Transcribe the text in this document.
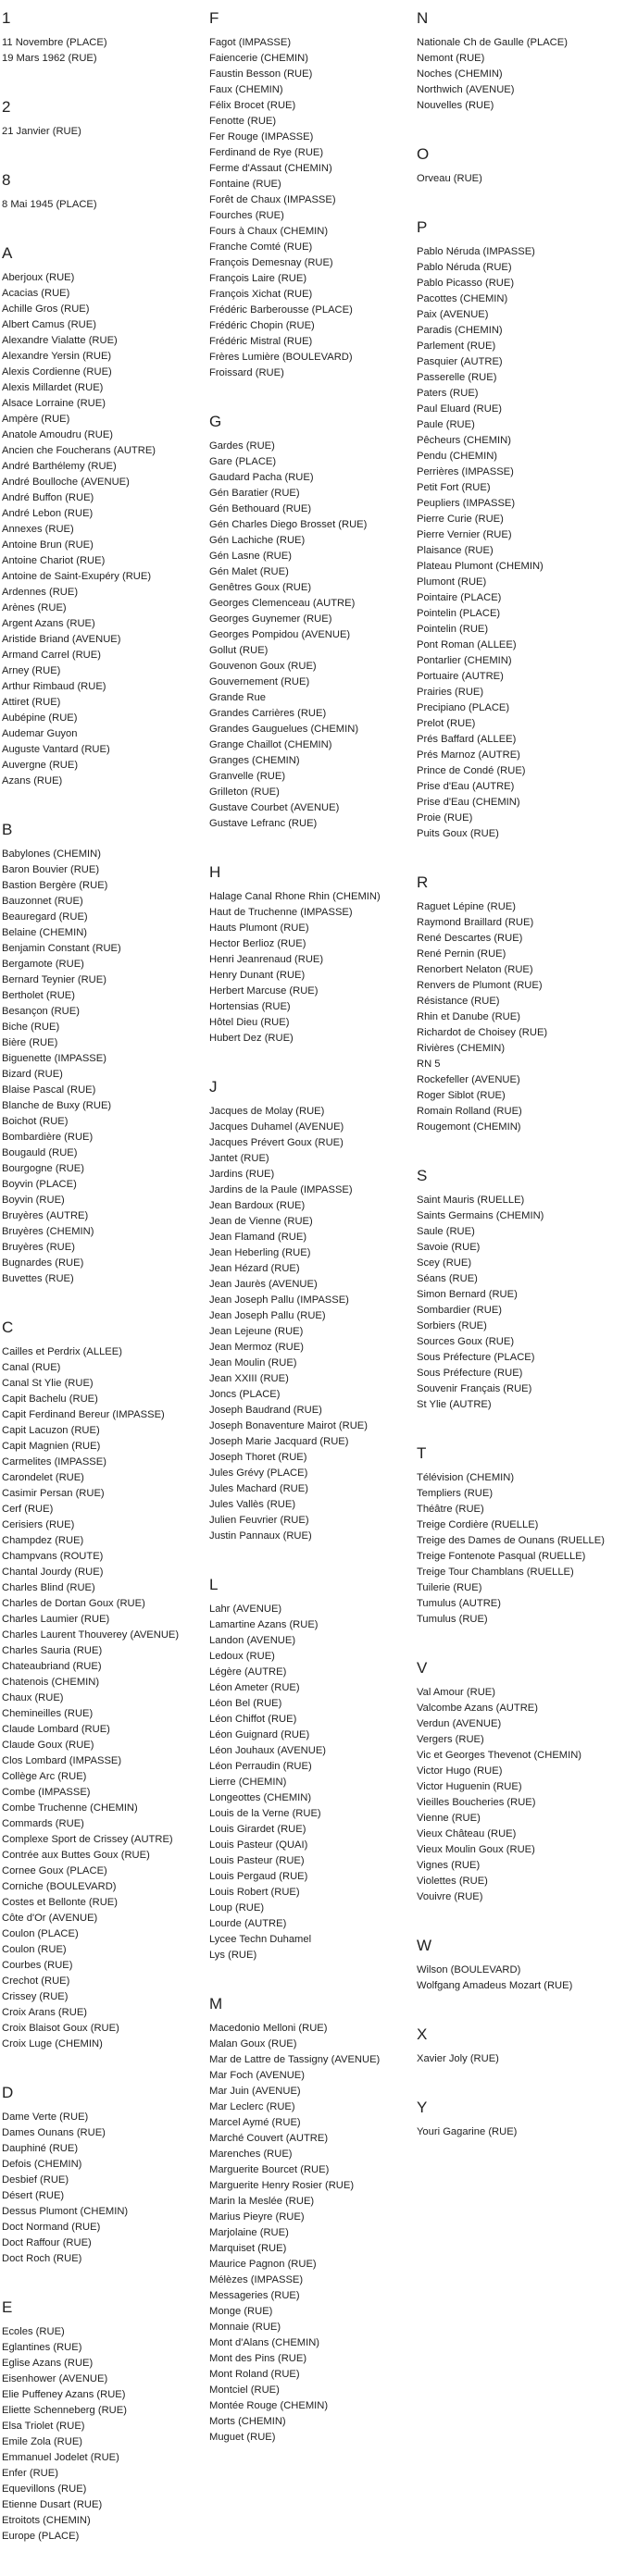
1
11 Novembre (PLACE)
19 Mars 1962 (RUE)
2
21 Janvier (RUE)
8
8 Mai 1945 (PLACE)
A
Aberjoux (RUE)
Acacias (RUE)
Achille Gros (RUE)
Albert Camus (RUE)
Alexandre Vialatte (RUE)
Alexandre Yersin (RUE)
Alexis Cordienne (RUE)
Alexis Millardet (RUE)
Alsace Lorraine (RUE)
Ampère (RUE)
Anatole Amoudru (RUE)
Ancien che Foucherans (AUTRE)
André Barthélemy (RUE)
André Boulloche (AVENUE)
André Buffon (RUE)
André Lebon (RUE)
Annexes (RUE)
Antoine Brun (RUE)
Antoine Chariot (RUE)
Antoine de Saint-Exupéry (RUE)
Ardennes (RUE)
Arènes (RUE)
Argent Azans (RUE)
Aristide Briand (AVENUE)
Armand Carrel (RUE)
Arney (RUE)
Arthur Rimbaud (RUE)
Attiret (RUE)
Aubépine (RUE)
Audemar Guyon
Auguste Vantard (RUE)
Auvergne (RUE)
Azans (RUE)
B
Babylones (CHEMIN)
Baron Bouvier (RUE)
Bastion Bergère (RUE)
Bauzonnet (RUE)
Beauregard (RUE)
Belaine (CHEMIN)
Benjamin Constant (RUE)
Bergamote (RUE)
Bernard Teynier (RUE)
Bertholet (RUE)
Besançon (RUE)
Biche (RUE)
Bière (RUE)
Biguenette (IMPASSE)
Bizard (RUE)
Blaise Pascal (RUE)
Blanche de Buxy (RUE)
Boichot (RUE)
Bombardière (RUE)
Bougauld (RUE)
Bourgogne (RUE)
Boyvin (PLACE)
Boyvin (RUE)
Bruyères (AUTRE)
Bruyères (CHEMIN)
Bruyères (RUE)
Bugnardes (RUE)
Buvettes (RUE)
C
Cailles et Perdrix (ALLEE)
Canal (RUE)
Canal St Ylie (RUE)
Capit Bachelu (RUE)
Capit Ferdinand Bereur (IMPASSE)
Capit Lacuzon (RUE)
Capit Magnien (RUE)
Carmelites (IMPASSE)
Carondelet (RUE)
Casimir Persan (RUE)
Cerf (RUE)
Cerisiers (RUE)
Champdez (RUE)
Champvans (ROUTE)
Chantal Jourdy (RUE)
Charles Blind (RUE)
Charles de Dortan Goux (RUE)
Charles Laumier (RUE)
Charles Laurent Thouverey (AVENUE)
Charles Sauria (RUE)
Chateaubriand (RUE)
Chatenois (CHEMIN)
Chaux (RUE)
Chemineilles (RUE)
Claude Lombard (RUE)
Claude Goux (RUE)
Clos Lombard (IMPASSE)
Collège Arc (RUE)
Combe (IMPASSE)
Combe Truchenne (CHEMIN)
Commards (RUE)
Complexe Sport de Crissey (AUTRE)
Contrée aux Buttes Goux (RUE)
Cornee Goux (PLACE)
Corniche (BOULEVARD)
Costes et Bellonte (RUE)
Côte d'Or (AVENUE)
Coulon (PLACE)
Coulon (RUE)
Courbes (RUE)
Crechot (RUE)
Crissey (RUE)
Croix Arans (RUE)
Croix Blaisot Goux (RUE)
Croix Luge (CHEMIN)
D
Dame Verte (RUE)
Dames Ounans (RUE)
Dauphiné (RUE)
Defois (CHEMIN)
Desbief (RUE)
Désert (RUE)
Dessus Plumont (CHEMIN)
Doct Normand (RUE)
Doct Raffour (RUE)
Doct Roch (RUE)
E
Ecoles (RUE)
Eglantines (RUE)
Eglise Azans (RUE)
Eisenhower (AVENUE)
Elie Puffeney Azans (RUE)
Eliette Schenneberg (RUE)
Elsa Triolet (RUE)
Emile Zola (RUE)
Emmanuel Jodelet (RUE)
Enfer (RUE)
Equevillons (RUE)
Etienne Dusart (RUE)
Etroitots (CHEMIN)
Europe (PLACE)
F
Fagot (IMPASSE)
Faiencerie (CHEMIN)
Faustin Besson (RUE)
Faux (CHEMIN)
Félix Brocet (RUE)
Fenotte (RUE)
Fer Rouge (IMPASSE)
Ferdinand de Rye (RUE)
Ferme d'Assaut (CHEMIN)
Fontaine (RUE)
Forêt de Chaux (IMPASSE)
Fourches (RUE)
Fours à Chaux (CHEMIN)
Franche Comté (RUE)
François Demesnay (RUE)
François Laire (RUE)
François Xichat (RUE)
Frédéric Barberousse (PLACE)
Frédéric Chopin (RUE)
Frédéric Mistral (RUE)
Frères Lumière (BOULEVARD)
Froissard (RUE)
G
Gardes (RUE)
Gare (PLACE)
Gaudard Pacha (RUE)
Gén Baratier (RUE)
Gén Bethouard (RUE)
Gén Charles Diego Brosset (RUE)
Gén Lachiche (RUE)
Gén Lasne (RUE)
Gén Malet (RUE)
Genêtres Goux (RUE)
Georges Clemenceau (AUTRE)
Georges Guynemer (RUE)
Georges Pompidou (AVENUE)
Gollut (RUE)
Gouvenon Goux (RUE)
Gouvernement (RUE)
Grande Rue
Grandes Carrières (RUE)
Grandes Gauguelues (CHEMIN)
Grange Chaillot (CHEMIN)
Granges (CHEMIN)
Granvelle (RUE)
Grilleton (RUE)
Gustave Courbet (AVENUE)
Gustave Lefranc (RUE)
H
Halage Canal Rhone Rhin (CHEMIN)
Haut de Truchenne (IMPASSE)
Hauts Plumont (RUE)
Hector Berlioz (RUE)
Henri Jeanrenaud (RUE)
Henry Dunant (RUE)
Herbert Marcuse (RUE)
Hortensias (RUE)
Hôtel Dieu (RUE)
Hubert Dez (RUE)
J
Jacques de Molay (RUE)
Jacques Duhamel (AVENUE)
Jacques Prévert Goux (RUE)
Jantet (RUE)
Jardins (RUE)
Jardins de la Paule (IMPASSE)
Jean Bardoux (RUE)
Jean de Vienne (RUE)
Jean Flamand (RUE)
Jean Heberling (RUE)
Jean Hézard (RUE)
Jean Jaurès (AVENUE)
Jean Joseph Pallu (IMPASSE)
Jean Joseph Pallu (RUE)
Jean Lejeune (RUE)
Jean Mermoz (RUE)
Jean Moulin (RUE)
Jean XXIII (RUE)
Joncs (PLACE)
Joseph Baudrand (RUE)
Joseph Bonaventure Mairot (RUE)
Joseph Marie Jacquard (RUE)
Joseph Thoret (RUE)
Jules Grévy (PLACE)
Jules Machard (RUE)
Jules Vallès (RUE)
Julien Feuvrier (RUE)
Justin Pannaux (RUE)
L
Lahr (AVENUE)
Lamartine Azans (RUE)
Landon (AVENUE)
Ledoux (RUE)
Légère (AUTRE)
Léon Ameter (RUE)
Léon Bel (RUE)
Léon Chiffot (RUE)
Léon Guignard (RUE)
Léon Jouhaux (AVENUE)
Léon Perraudin (RUE)
Lierre (CHEMIN)
Longeottes (CHEMIN)
Louis de la Verne (RUE)
Louis Girardet (RUE)
Louis Pasteur (QUAI)
Louis Pasteur (RUE)
Louis Pergaud (RUE)
Louis Robert (RUE)
Loup (RUE)
Lourde (AUTRE)
Lycee Techn Duhamel
Lys (RUE)
M
Macedonio Melloni (RUE)
Malan Goux (RUE)
Mar de Lattre de Tassigny (AVENUE)
Mar Foch (AVENUE)
Mar Juin (AVENUE)
Mar Leclerc (RUE)
Marcel Aymé (RUE)
Marché Couvert (AUTRE)
Marenches (RUE)
Marguerite Bourcet (RUE)
Marguerite Henry Rosier (RUE)
Marin la Meslée (RUE)
Marius Pieyre (RUE)
Marjolaine (RUE)
Marquiset (RUE)
Maurice Pagnon (RUE)
Mélèzes (IMPASSE)
Messageries (RUE)
Monge (RUE)
Monnaie (RUE)
Mont d'Alans (CHEMIN)
Mont des Pins (RUE)
Mont Roland (RUE)
Montciel (RUE)
Montée Rouge (CHEMIN)
Morts (CHEMIN)
Muguet (RUE)
N
Nationale Ch de Gaulle (PLACE)
Nemont (RUE)
Noches (CHEMIN)
Northwich (AVENUE)
Nouvelles (RUE)
O
Orveau (RUE)
P
Pablo Néruda (IMPASSE)
Pablo Néruda (RUE)
Pablo Picasso (RUE)
Pacottes (CHEMIN)
Paix (AVENUE)
Paradis (CHEMIN)
Parlement (RUE)
Pasquier (AUTRE)
Passerelle (RUE)
Paters (RUE)
Paul Eluard (RUE)
Paule (RUE)
Pêcheurs (CHEMIN)
Pendu (CHEMIN)
Perrières (IMPASSE)
Petit Fort (RUE)
Peupliers (IMPASSE)
Pierre Curie (RUE)
Pierre Vernier (RUE)
Plaisance (RUE)
Plateau Plumont (CHEMIN)
Plumont (RUE)
Pointaire (PLACE)
Pointelin (PLACE)
Pointelin (RUE)
Pont Roman (ALLEE)
Pontarlier (CHEMIN)
Portuaire (AUTRE)
Prairies (RUE)
Precipiano (PLACE)
Prelot (RUE)
Prés Baffard (ALLEE)
Prés Marnoz (AUTRE)
Prince de Condé (RUE)
Prise d'Eau (AUTRE)
Prise d'Eau (CHEMIN)
Proie (RUE)
Puits Goux (RUE)
R
Raguet Lépine (RUE)
Raymond Braillard (RUE)
René Descartes (RUE)
René Pernin (RUE)
Renorbert Nelaton (RUE)
Renvers de Plumont (RUE)
Résistance (RUE)
Rhin et Danube (RUE)
Richardot de Choisey (RUE)
Rivières (CHEMIN)
RN 5
Rockefeller (AVENUE)
Roger Siblot (RUE)
Romain Rolland (RUE)
Rougemont (CHEMIN)
S
Saint Mauris (RUELLE)
Saints Germains (CHEMIN)
Saule (RUE)
Savoie (RUE)
Scey (RUE)
Séans (RUE)
Simon Bernard (RUE)
Sombardier (RUE)
Sorbiers (RUE)
Sources Goux (RUE)
Sous Préfecture (PLACE)
Sous Préfecture (RUE)
Souvenir Français (RUE)
St Ylie (AUTRE)
T
Télévision (CHEMIN)
Templiers (RUE)
Théâtre (RUE)
Treige Cordière (RUELLE)
Treige des Dames de Ounans (RUELLE)
Treige Fontenote Pasqual (RUELLE)
Treige Tour Chamblans (RUELLE)
Tuilerie (RUE)
Tumulus (AUTRE)
Tumulus (RUE)
V
Val Amour (RUE)
Valcombe Azans (AUTRE)
Verdun (AVENUE)
Vergers (RUE)
Vic et Georges Thevenot (CHEMIN)
Victor Hugo (RUE)
Victor Huguenin (RUE)
Vieilles Boucheries (RUE)
Vienne (RUE)
Vieux Château (RUE)
Vieux Moulin Goux (RUE)
Vignes (RUE)
Violettes (RUE)
Vouivre (RUE)
W
Wilson (BOULEVARD)
Wolfgang Amadeus Mozart (RUE)
X
Xavier Joly (RUE)
Y
Youri Gagarine (RUE)
